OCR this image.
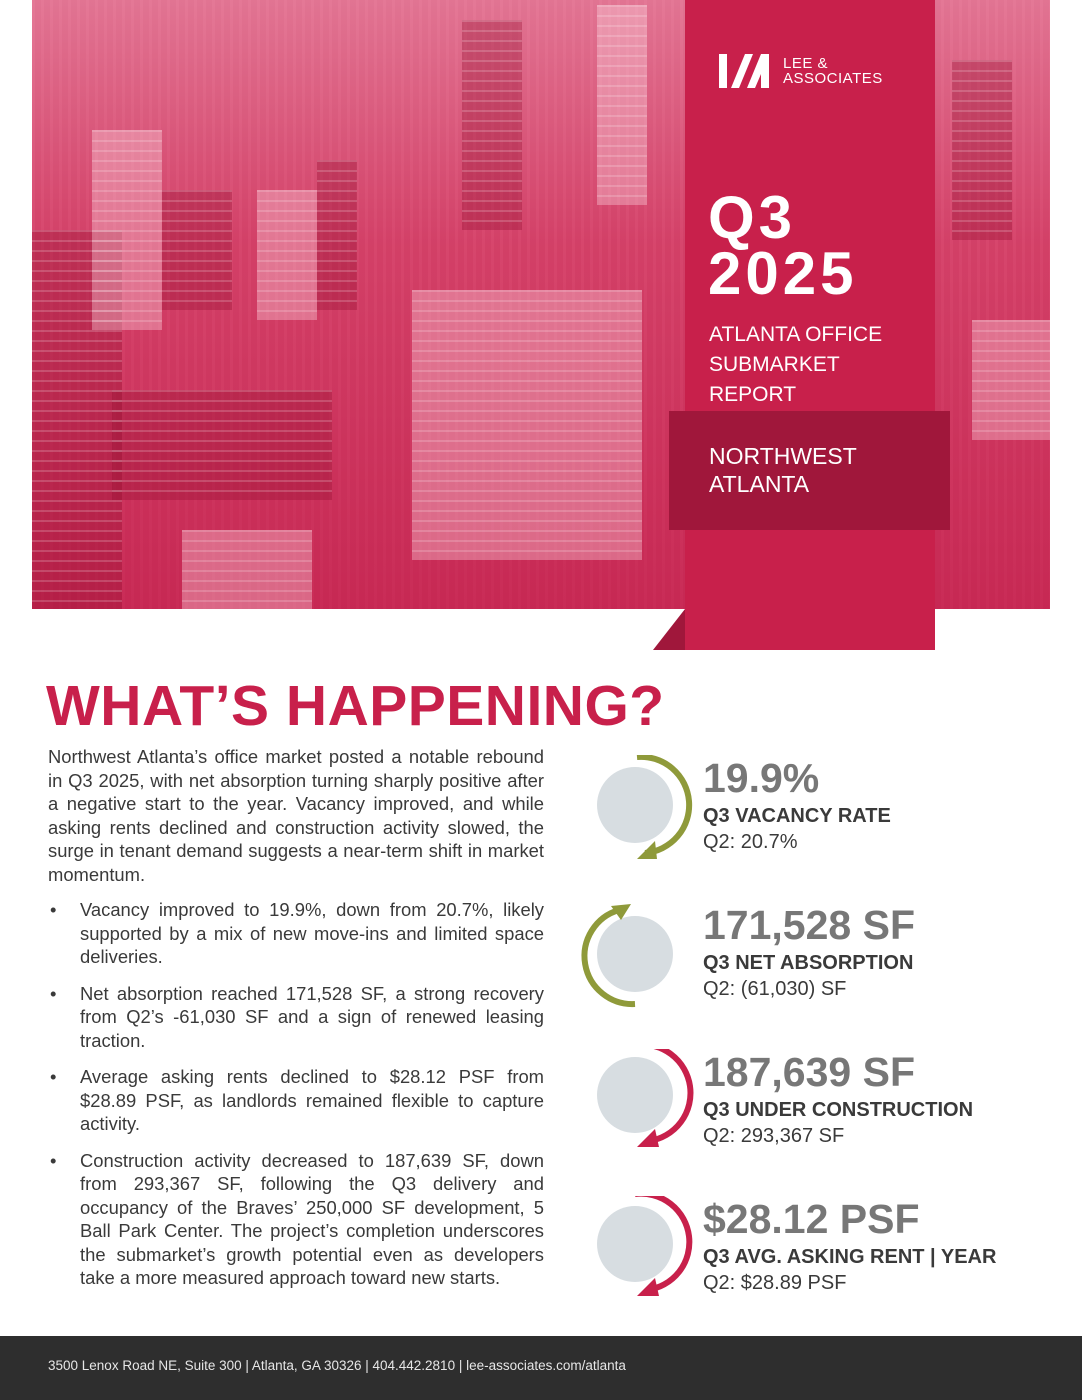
LEE &
ASSOCIATES
Q3
2025
ATLANTA OFFICE
SUBMARKET REPORT
NORTHWEST
ATLANTA
WHAT’S HAPPENING?

Northwest Atlanta’s office market posted a notable rebound in Q3 2025, with net absorption turning sharply positive after a negative start to the year. Vacancy improved, and while asking rents declined and construction activity slowed, the surge in tenant demand suggests a near-term shift in market momentum.

• Vacancy improved to 19.9%, down from 20.7%, likely supported by a mix of new move-ins and limited space deliveries.
• Net absorption reached 171,528 SF, a strong recovery from Q2’s -61,030 SF and a sign of renewed leasing traction.
• Average asking rents declined to $28.12 PSF from $28.89 PSF, as landlords remained flexible to capture activity.
• Construction activity decreased to 187,639 SF, down from 293,367 SF, following the Q3 delivery and occupancy of the Braves’ 250,000 SF development, 5 Ball Park Center. The project’s completion underscores the submarket’s growth potential even as developers take a more measured approach toward new starts.
19.9%
Q3 VACANCY RATE
Q2: 20.7%
171,528 SF
Q3 NET ABSORPTION
Q2: (61,030) SF
187,639 SF
Q3 UNDER CONSTRUCTION
Q2: 293,367 SF
$28.12 PSF
Q3 AVG. ASKING RENT | YEAR
Q2: $28.89 PSF
3500 Lenox Road NE, Suite 300 | Atlanta, GA 30326 | 404.442.2810 | lee-associates.com/atlanta
